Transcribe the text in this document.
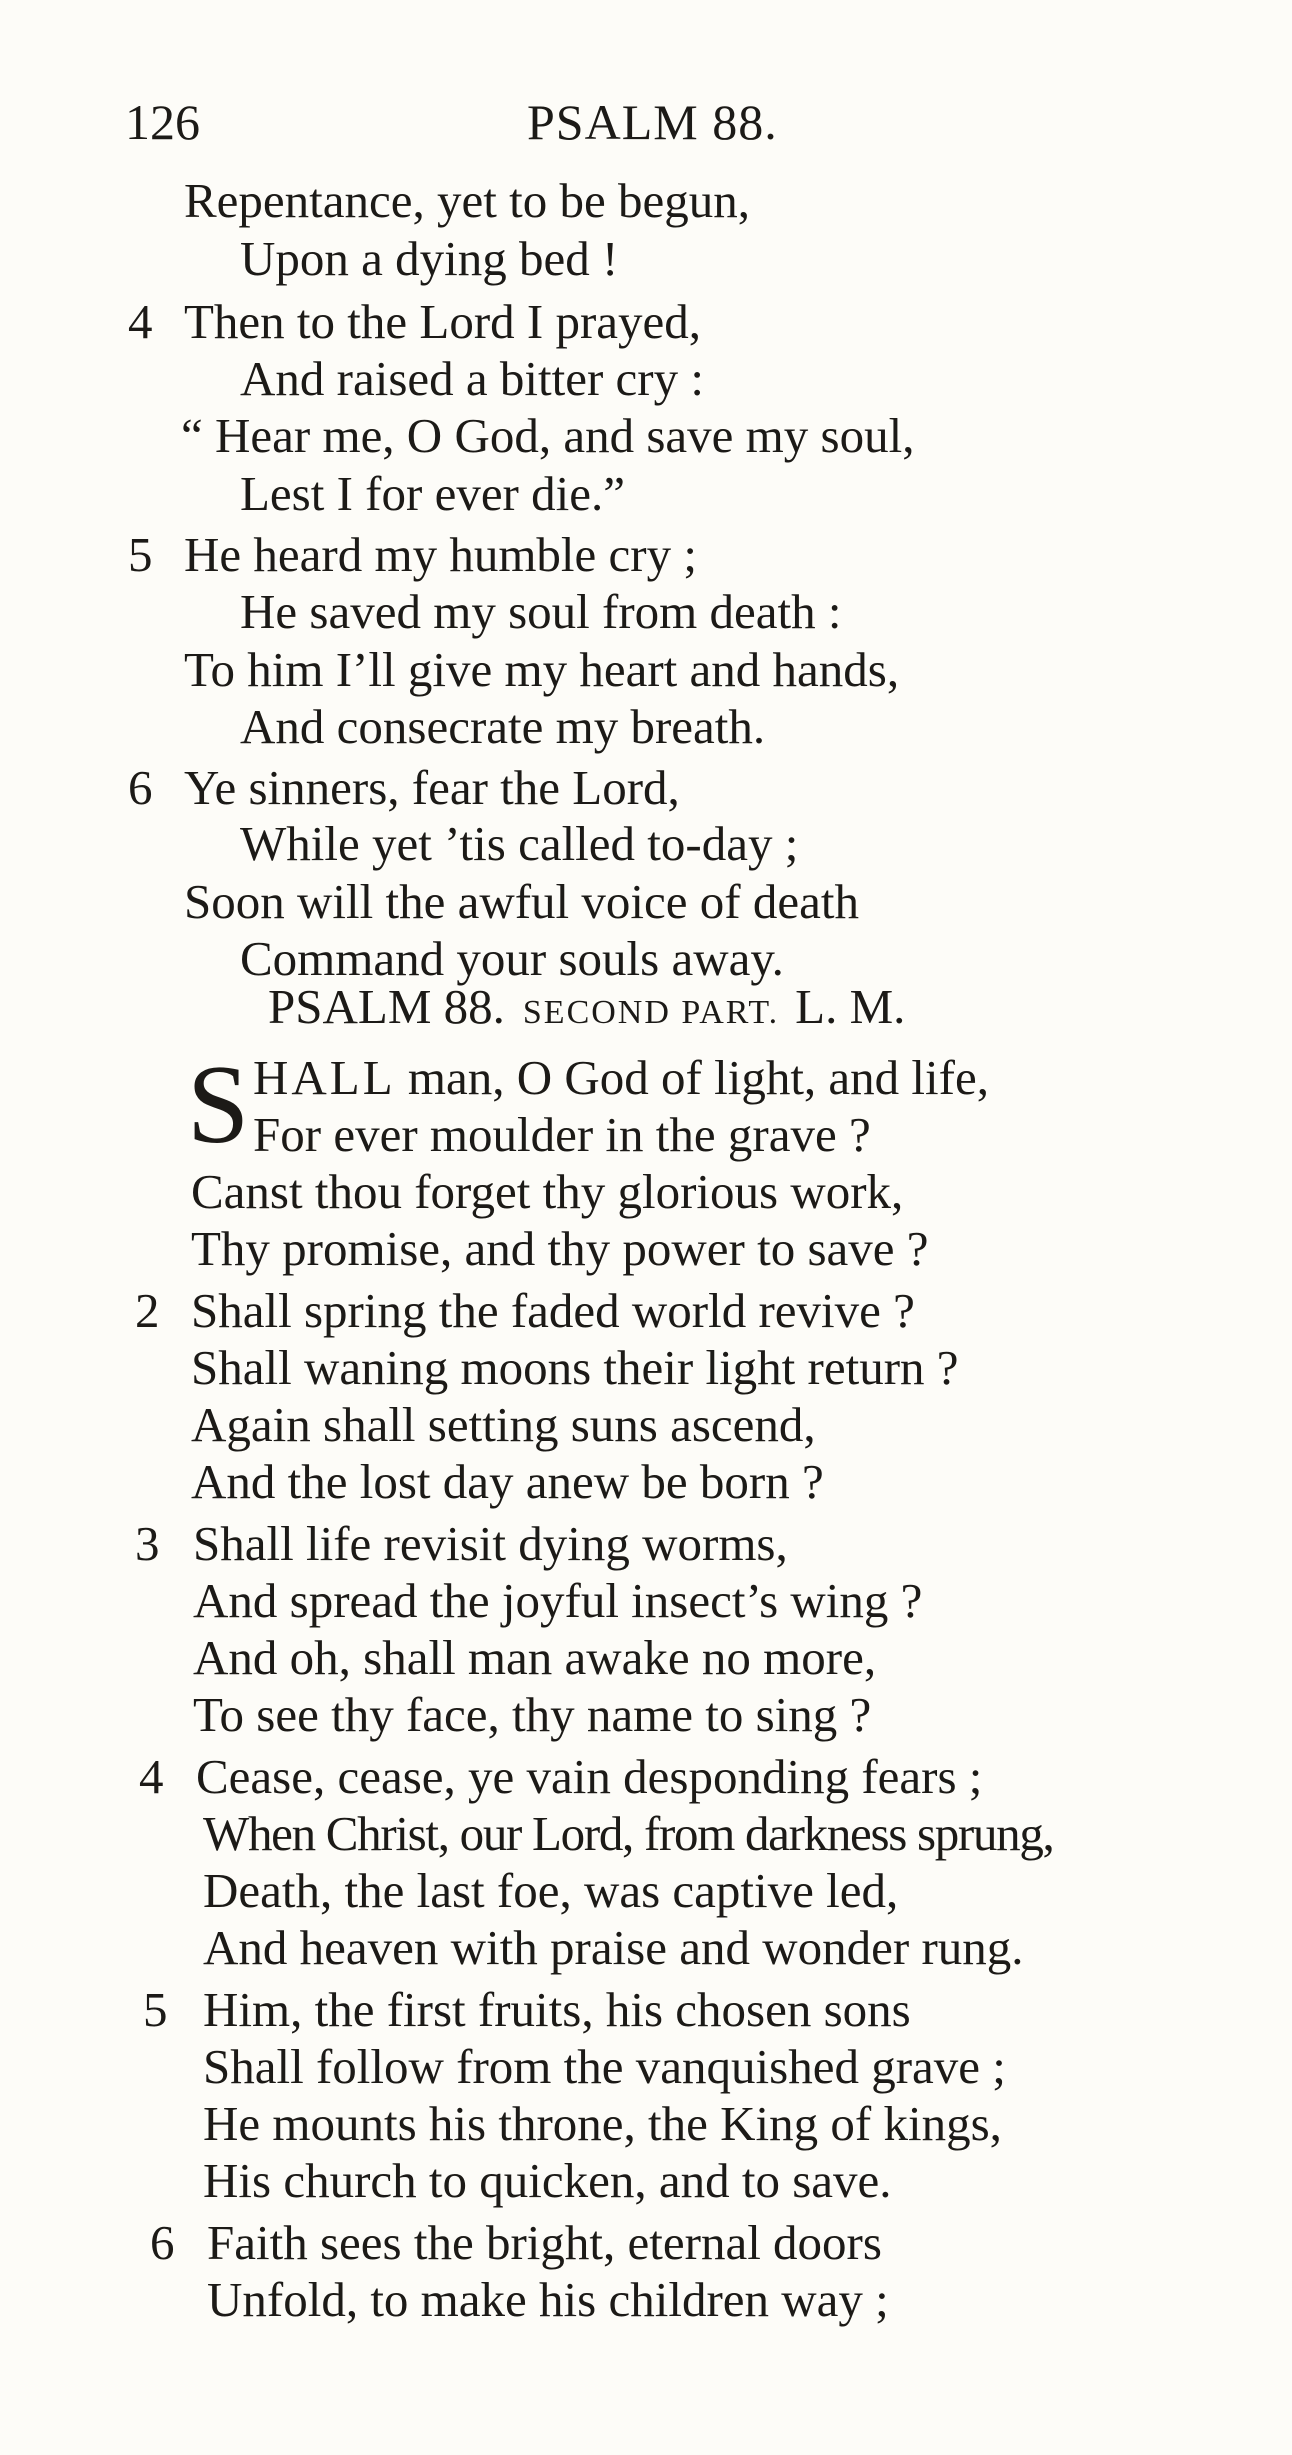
126	PSALM 88.
Repentance, yet to be begun,
Upon a dying bed !
4 Then to the Lord I prayed,
And raised a bitter cry :
“ Hear me, O God, and save my soul,
Lest I for ever die.”
5 He heard my humble cry ;
He saved my soul from death :
To him I’ll give my heart and hands,
And consecrate my breath.
6 Ye sinners, fear the Lord,
While yet ’tis called to-day ;
Soon will the awful voice of death
Command your souls away.
PSALM 88. SECOND PART. L. M.
S HALL man, O God of light, and life,
For ever moulder in the grave ?
Canst thou forget thy glorious work,
Thy promise, and thy power to save ?
2 Shall spring the faded world revive ?
Shall waning moons their light return ?
Again shall setting suns ascend,
And the lost day anew be born ?
3 Shall life revisit dying worms,
And spread the joyful insect’s wing ?
And oh, shall man awake no more,
To see thy face, thy name to sing ?
4 Cease, cease, ye vain desponding fears ;
When Christ, our Lord, from darkness sprung,
Death, the last foe, was captive led,
And heaven with praise and wonder rung.
5 Him, the first fruits, his chosen sons
Shall follow from the vanquished grave ;
He mounts his throne, the King of kings,
His church to quicken, and to save.
6 Faith sees the bright, eternal doors
Unfold, to make his children way ;
